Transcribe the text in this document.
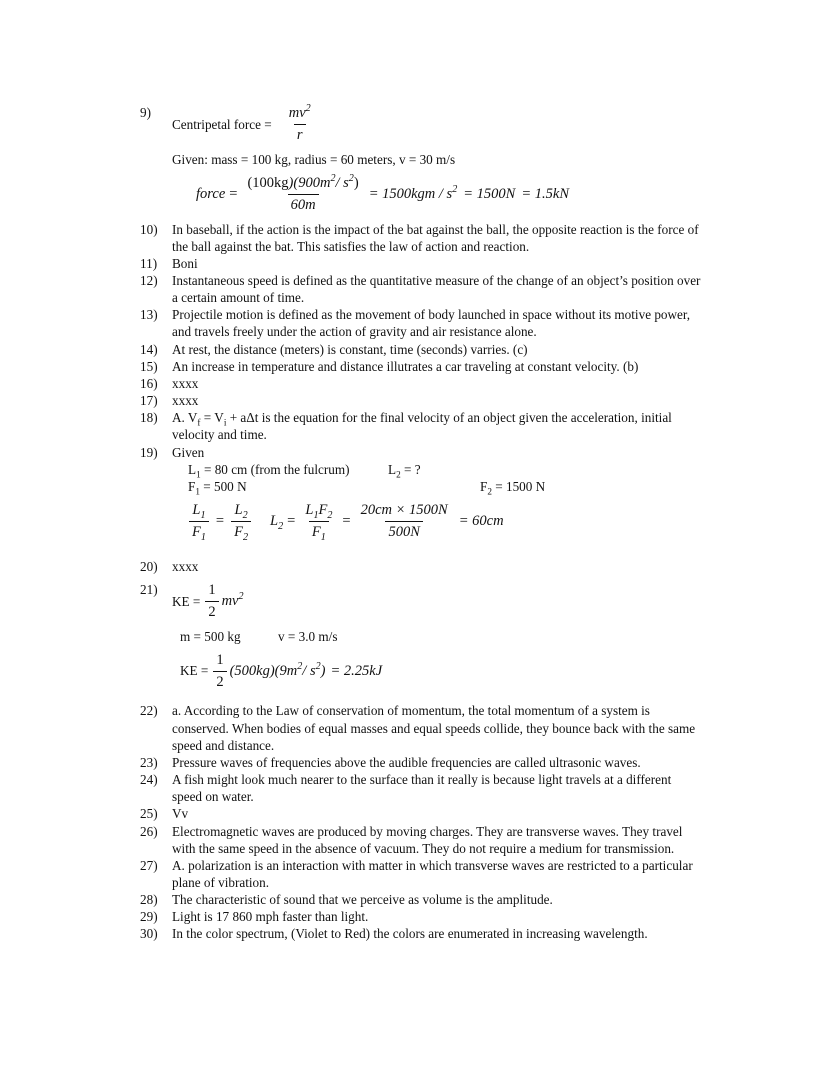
9)
Centripetal force = $\frac{mv^2}{r}$
Given: mass = 100 kg, radius = 60 meters, v = 30 m/s
force = $\frac{(100kg)(900m^2/ s^2)}{60m} = 1500kgm / s^2 = 1500N = 1.5kN$
10)	In baseball, if the action is the impact of the bat against the ball, the opposite reaction is the force of the ball against the bat. This satisfies the law of action and reaction.
11)	Boni
12)	Instantaneous speed is defined as the quantitative measure of the change of an object’s position over a certain amount of time.
13)	Projectile motion is defined as the movement of body launched in space without its motive power, and travels freely under the action of gravity and air resistance alone.
14)	At rest, the distance (meters) is constant, time (seconds) varries. (c)
15)	An increase in temperature and distance illutrates a car traveling at constant velocity. (b)
16)	xxxx
17)	xxxx
18)	A. $V_f = V_i + a\Delta t$ is the equation for the final velocity of an object given the acceleration, initial velocity and time.
19)	Given
$L_1 = 80$ cm (from the fulcrum)	$L_2$ = ?
$F_1 = 500$ N	$F_2 = 1500$ N
$\frac{L_1}{F_1} = \frac{L_2}{F_2} L_2 = \frac{L_1F_2}{F_1} = \frac{20cm \times 1500N}{500N} = 60cm$
20)	xxxx
21)
KE = $\frac{1}{2} mv^2$
m = 500 kg	v = 3.0 m/s
KE = $\frac{1}{2} (500kg)(9m^2/$ $s^2) = 2.25kJ$
22)	a. According to the Law of conservation of momentum, the total momentum of a system is conserved. When bodies of equal masses and equal speeds collide, they bounce back with the same speed and distance.
23)	Pressure waves of frequencies above the audible frequencies are called ultrasonic waves.
24)	A fish might look much nearer to the surface than it really is because light travels at a different speed on water.
25)	Vv
26)	Electromagnetic waves are produced by moving charges. They are transverse waves. They travel with the same speed in the absence of vacuum. They do not require a medium for transmission.
27)	A. polarization is an interaction with matter in which transverse waves are restricted to a particular plane of vibration.
28)	The characteristic of sound that we perceive as volume is the amplitude.
29)	Light is 17 860 mph faster than light.
30)	In the color spectrum, (Violet to Red) the colors are enumerated in increasing wavelength.
